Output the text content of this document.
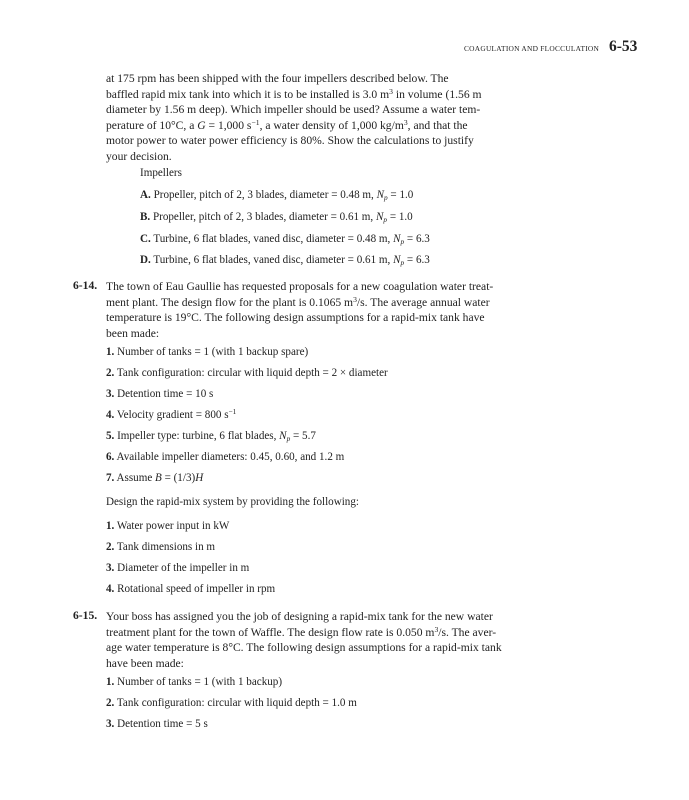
COAGULATION AND FLOCCULATION 6-53
at 175 rpm has been shipped with the four impellers described below. The
baffled rapid mix tank into which it is to be installed is 3.0 $m^3$ in volume (1.56 m
diameter by 1.56 m deep). Which impeller should be used? Assume a water tem-
perature of 10°C, a G = 1,000 $s^{-1}$, a water density of 1,000 $kg/m^3$, and that the
motor power to water power efficiency is 80%. Show the calculations to justify
your decision.
Impellers
A. Propeller, pitch of 2, 3 blades, diameter = 0.48 m, $N_p = 1.0$
B. Propeller, pitch of 2, 3 blades, diameter = 0.61 m, $N_p = 1.0$
C. Turbine, 6 flat blades, vaned disc, diameter = 0.48 m, $N_p = 6.3$
D. Turbine, 6 flat blades, vaned disc, diameter = 0.61 m, $N_p = 6.3$
6-14. The town of Eau Gaullie has requested proposals for a new coagulation water treat-
ment plant. The design flow for the plant is 0.1065 $m^3/s$. The average annual water
temperature is 19°C. The following design assumptions for a rapid-mix tank have
been made:
1. Number of tanks = 1 (with 1 backup spare)
2. Tank configuration: circular with liquid depth = 2 × diameter
3. Detention time = 10 s
4. Velocity gradient = 800 $s^{-1}$
5. Impeller type: turbine, 6 flat blades, $N_p = 5.7$
6. Available impeller diameters: 0.45, 0.60, and 1.2 m
7. Assume B = (1/3)H
Design the rapid-mix system by providing the following:
1. Water power input in kW
2. Tank dimensions in m
3. Diameter of the impeller in m
4. Rotational speed of impeller in rpm
6-15. Your boss has assigned you the job of designing a rapid-mix tank for the new water
treatment plant for the town of Waffle. The design flow rate is 0.050 $m^3/s$. The aver-
age water temperature is 8°C. The following design assumptions for a rapid-mix tank
have been made:
1. Number of tanks = 1 (with 1 backup)
2. Tank configuration: circular with liquid depth = 1.0 m
3. Detention time = 5 s
